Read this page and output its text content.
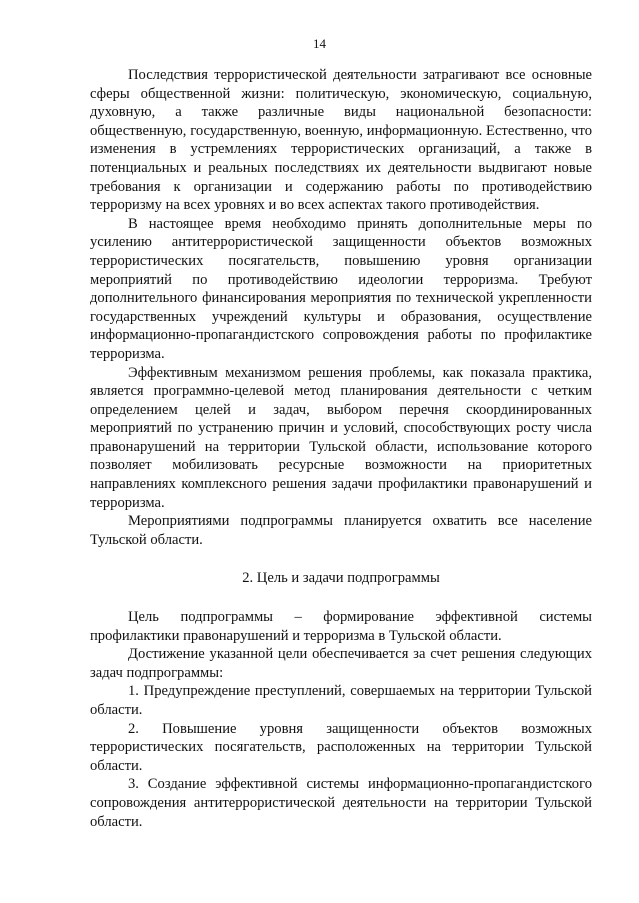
14

Последствия террористической деятельности затрагивают все основные сферы общественной жизни: политическую, экономическую, социальную, духовную, а также различные виды национальной безопасности: общественную, государственную, военную, информационную. Естественно, что изменения в устремлениях террористических организаций, а также в потенциальных и реальных последствиях их деятельности выдвигают новые требования к организации и содержанию работы по противодействию терроризму на всех уровнях и во всех аспектах такого противодействия.

В настоящее время необходимо принять дополнительные меры по усилению антитеррористической защищенности объектов возможных террористических посягательств, повышению уровня организации мероприятий по противодействию идеологии терроризма. Требуют дополнительного финансирования мероприятия по технической укрепленности государственных учреждений культуры и образования, осуществление информационно-пропагандистского сопровождения работы по профилактике терроризма.

Эффективным механизмом решения проблемы, как показала практика, является программно-целевой метод планирования деятельности с четким определением целей и задач, выбором перечня скоординированных мероприятий по устранению причин и условий, способствующих росту числа правонарушений на территории Тульской области, использование которого позволяет мобилизовать ресурсные возможности на приоритетных направлениях комплексного решения задачи профилактики правонарушений и терроризма.

Мероприятиями подпрограммы планируется охватить все население Тульской области.

2. Цель и задачи подпрограммы

Цель подпрограммы – формирование эффективной системы профилактики правонарушений и терроризма в Тульской области.

Достижение указанной цели обеспечивается за счет решения следующих задач подпрограммы:

1. Предупреждение преступлений, совершаемых на территории Тульской области.

2. Повышение уровня защищенности объектов возможных террористических посягательств, расположенных на территории Тульской области.

3. Создание эффективной системы информационно-пропагандистского сопровождения антитеррористической деятельности на территории Тульской области.
